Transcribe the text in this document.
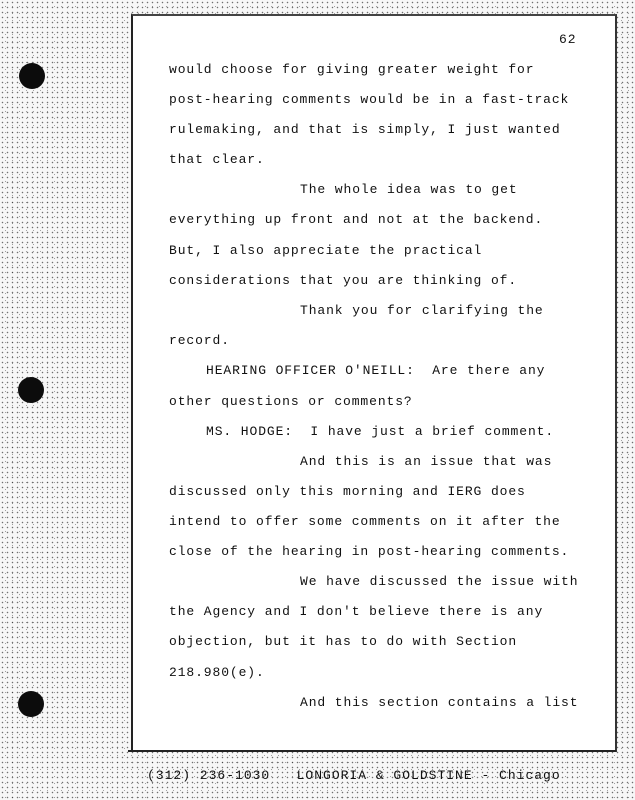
62
would choose for giving greater weight for
post-hearing comments would be in a fast-track
rulemaking, and that is simply, I just wanted
that clear.
The whole idea was to get
everything up front and not at the backend.
But, I also appreciate the practical
considerations that you are thinking of.
Thank you for clarifying the
record.
HEARING OFFICER O'NEILL:  Are there any
other questions or comments?
MS. HODGE:  I have just a brief comment.
And this is an issue that was
discussed only this morning and IERG does
intend to offer some comments on it after the
close of the hearing in post-hearing comments.
We have discussed the issue with
the Agency and I don't believe there is any
objection, but it has to do with Section
218.980(e).
And this section contains a list
(312) 236-1030   LONGORIA & GOLDSTINE - Chicago
